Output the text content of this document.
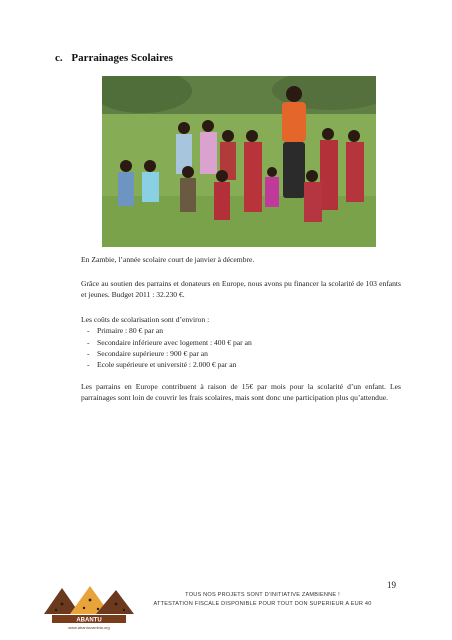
c. Parrainages Scolaires
En Zambie, l’année scolaire court de janvier à décembre.
Grâce au soutien des parrains et donateurs en Europe, nous avons pu financer la scolarité de 103 enfants et jeunes. Budget 2011 : 32.230 €.
Les coûts de scolarisation sont d’environ :
- Primaire : 80 € par an
- Secondaire inférieure avec logement : 400 € par an
- Secondaire supérieure : 900 € par an
- Ecole supérieure et université : 2.000 € par an
Les parrains en Europe contribuent à raison de 15€ par mois pour la scolarité d’un enfant. Les parrainages sont loin de couvrir les frais scolaires, mais sont donc une participation plus qu’attendue.
19
TOUS NOS PROJETS SONT D’INITIATIVE ZAMBIENNE !
ATTESTATION FISCALE DISPONIBLE POUR TOUT DON SUPERIEUR A EUR 40
ABANTU
www.abantuzambia.org
